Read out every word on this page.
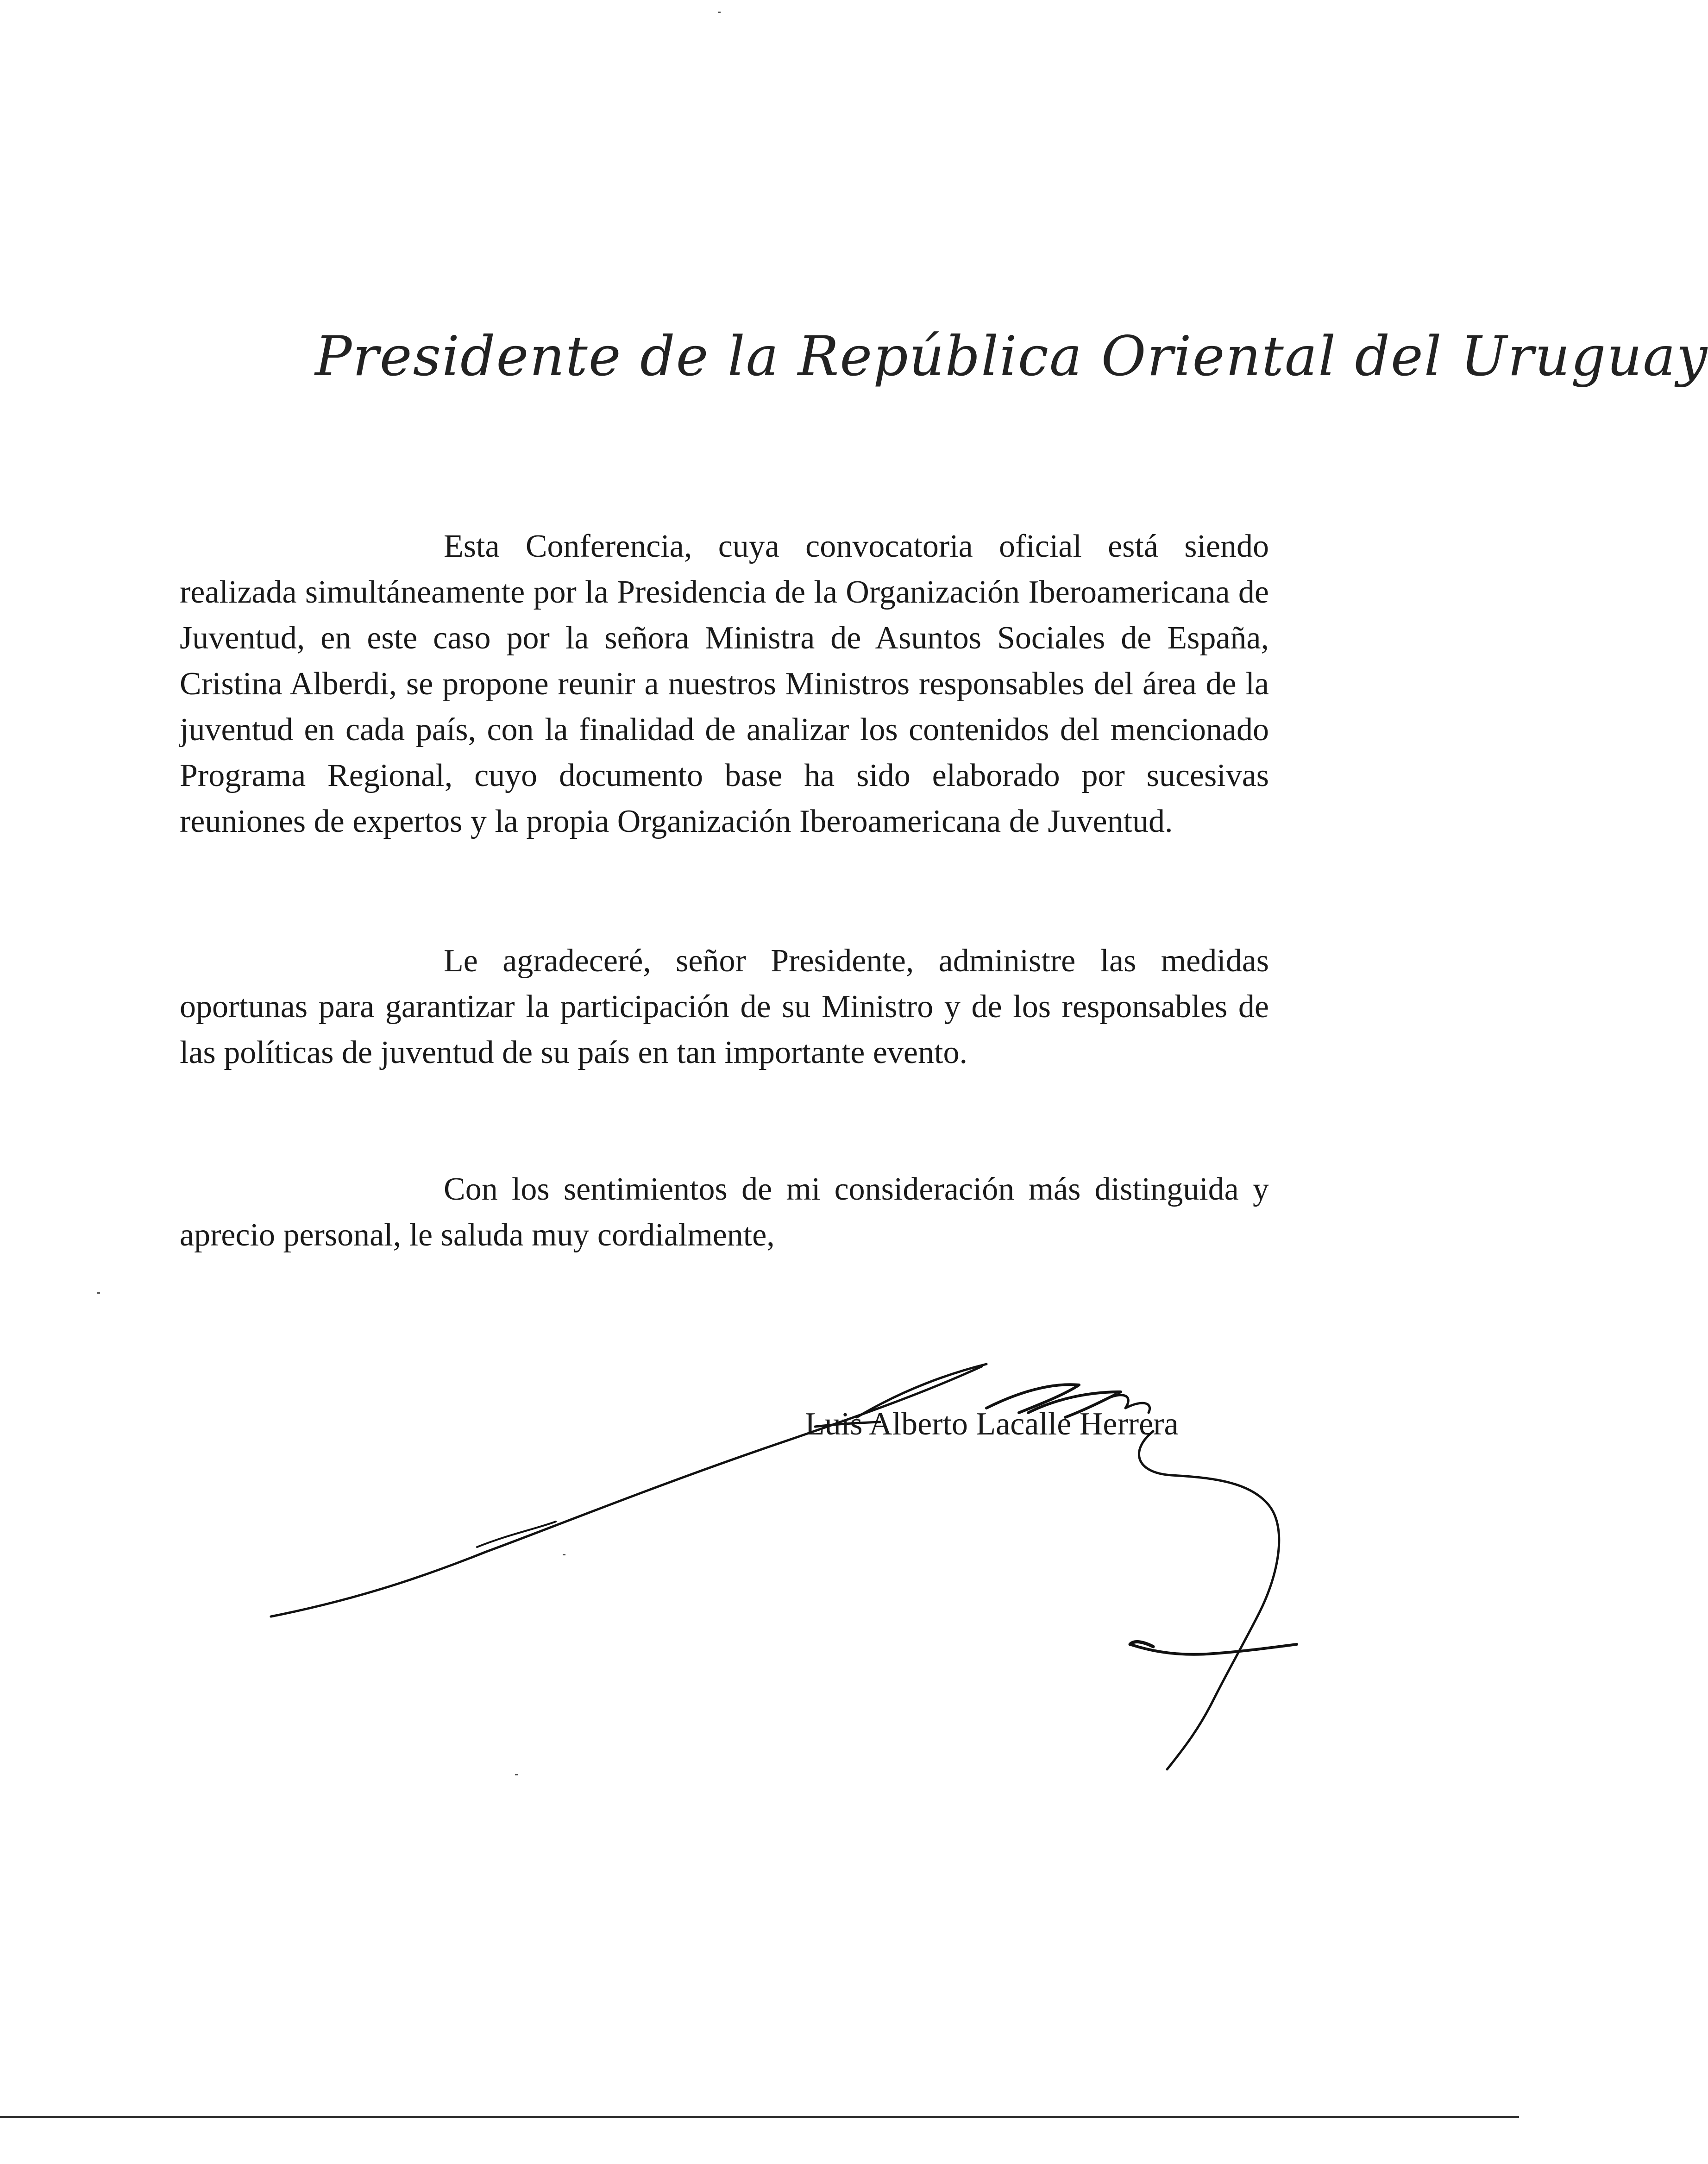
Presidente de la República Oriental del Uruguay

Esta Conferencia, cuya convocatoria oficial está siendo realizada simultáneamente por la Presidencia de la Organización Iberoamericana de Juventud, en este caso por la señora Ministra de Asuntos Sociales de España, Cristina Alberdi, se propone reunir a nuestros Ministros responsables del área de la juventud en cada país, con la finalidad de analizar los contenidos del mencionado Programa Regional, cuyo documento base ha sido elaborado por sucesivas reuniones de expertos y la propia Organización Iberoamericana de Juventud.

Le agradeceré, señor Presidente, administre las medidas oportunas para garantizar la participación de su Ministro y de los responsables de las políticas de juventud de su país en tan importante evento.

Con los sentimientos de mi consideración más distinguida y aprecio personal, le saluda muy cordialmente,

Luis Alberto Lacalle Herrera
